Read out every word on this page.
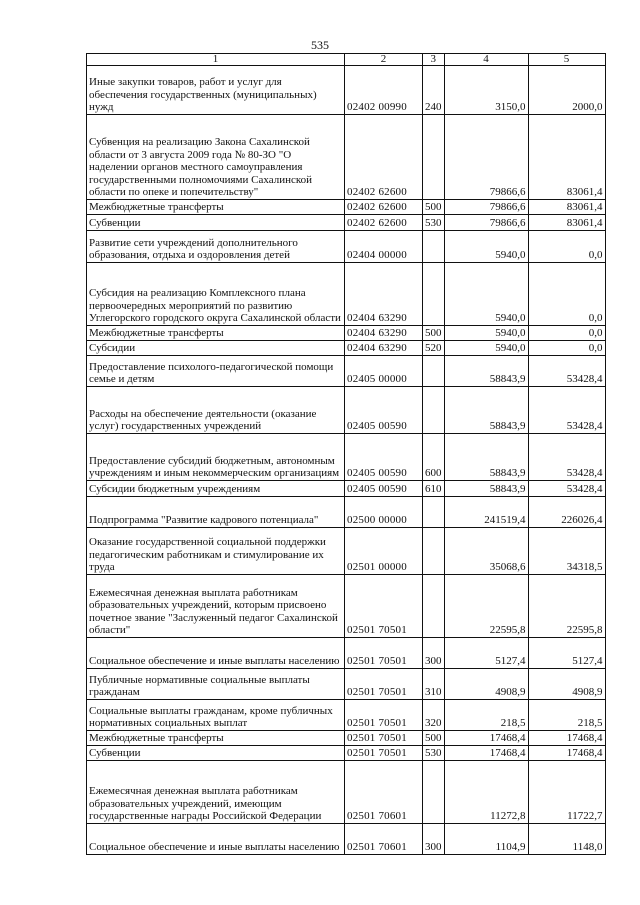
535
1	2	3	4	5
Иные закупки товаров, работ и услуг для обеспечения государственных (муниципальных) нужд	02402 00990	240	3150,0	2000,0
Субвенция на реализацию Закона Сахалинской области от 3 августа 2009 года № 80-ЗО "О наделении органов местного самоуправления государственными полномочиями Сахалинской области по опеке и попечительству"	02402 62600		79866,6	83061,4
Межбюджетные трансферты	02402 62600	500	79866,6	83061,4
Субвенции	02402 62600	530	79866,6	83061,4
Развитие сети учреждений дополнительного образования, отдыха и оздоровления детей	02404 00000		5940,0	0,0
Субсидия на реализацию Комплексного плана первоочередных мероприятий по развитию Углегорского городского округа Сахалинской области	02404 63290		5940,0	0,0
Межбюджетные трансферты	02404 63290	500	5940,0	0,0
Субсидии	02404 63290	520	5940,0	0,0
Предоставление психолого-педагогической помощи семье и детям	02405 00000		58843,9	53428,4
Расходы на обеспечение деятельности (оказание услуг) государственных учреждений	02405 00590		58843,9	53428,4
Предоставление субсидий бюджетным, автономным учреждениям и иным некоммерческим организациям	02405 00590	600	58843,9	53428,4
Субсидии бюджетным учреждениям	02405 00590	610	58843,9	53428,4
Подпрограмма "Развитие кадрового потенциала"	02500 00000		241519,4	226026,4
Оказание государственной социальной поддержки педагогическим работникам и стимулирование их труда	02501 00000		35068,6	34318,5
Ежемесячная денежная выплата работникам образовательных учреждений, которым присвоено почетное звание "Заслуженный педагог Сахалинской области"	02501 70501		22595,8	22595,8
Социальное обеспечение и иные выплаты населению	02501 70501	300	5127,4	5127,4
Публичные нормативные социальные выплаты гражданам	02501 70501	310	4908,9	4908,9
Социальные выплаты гражданам, кроме публичных нормативных социальных выплат	02501 70501	320	218,5	218,5
Межбюджетные трансферты	02501 70501	500	17468,4	17468,4
Субвенции	02501 70501	530	17468,4	17468,4
Ежемесячная денежная выплата работникам образовательных учреждений, имеющим государственные награды Российской Федерации	02501 70601		11272,8	11722,7
Социальное обеспечение и иные выплаты населению	02501 70601	300	1104,9	1148,0
